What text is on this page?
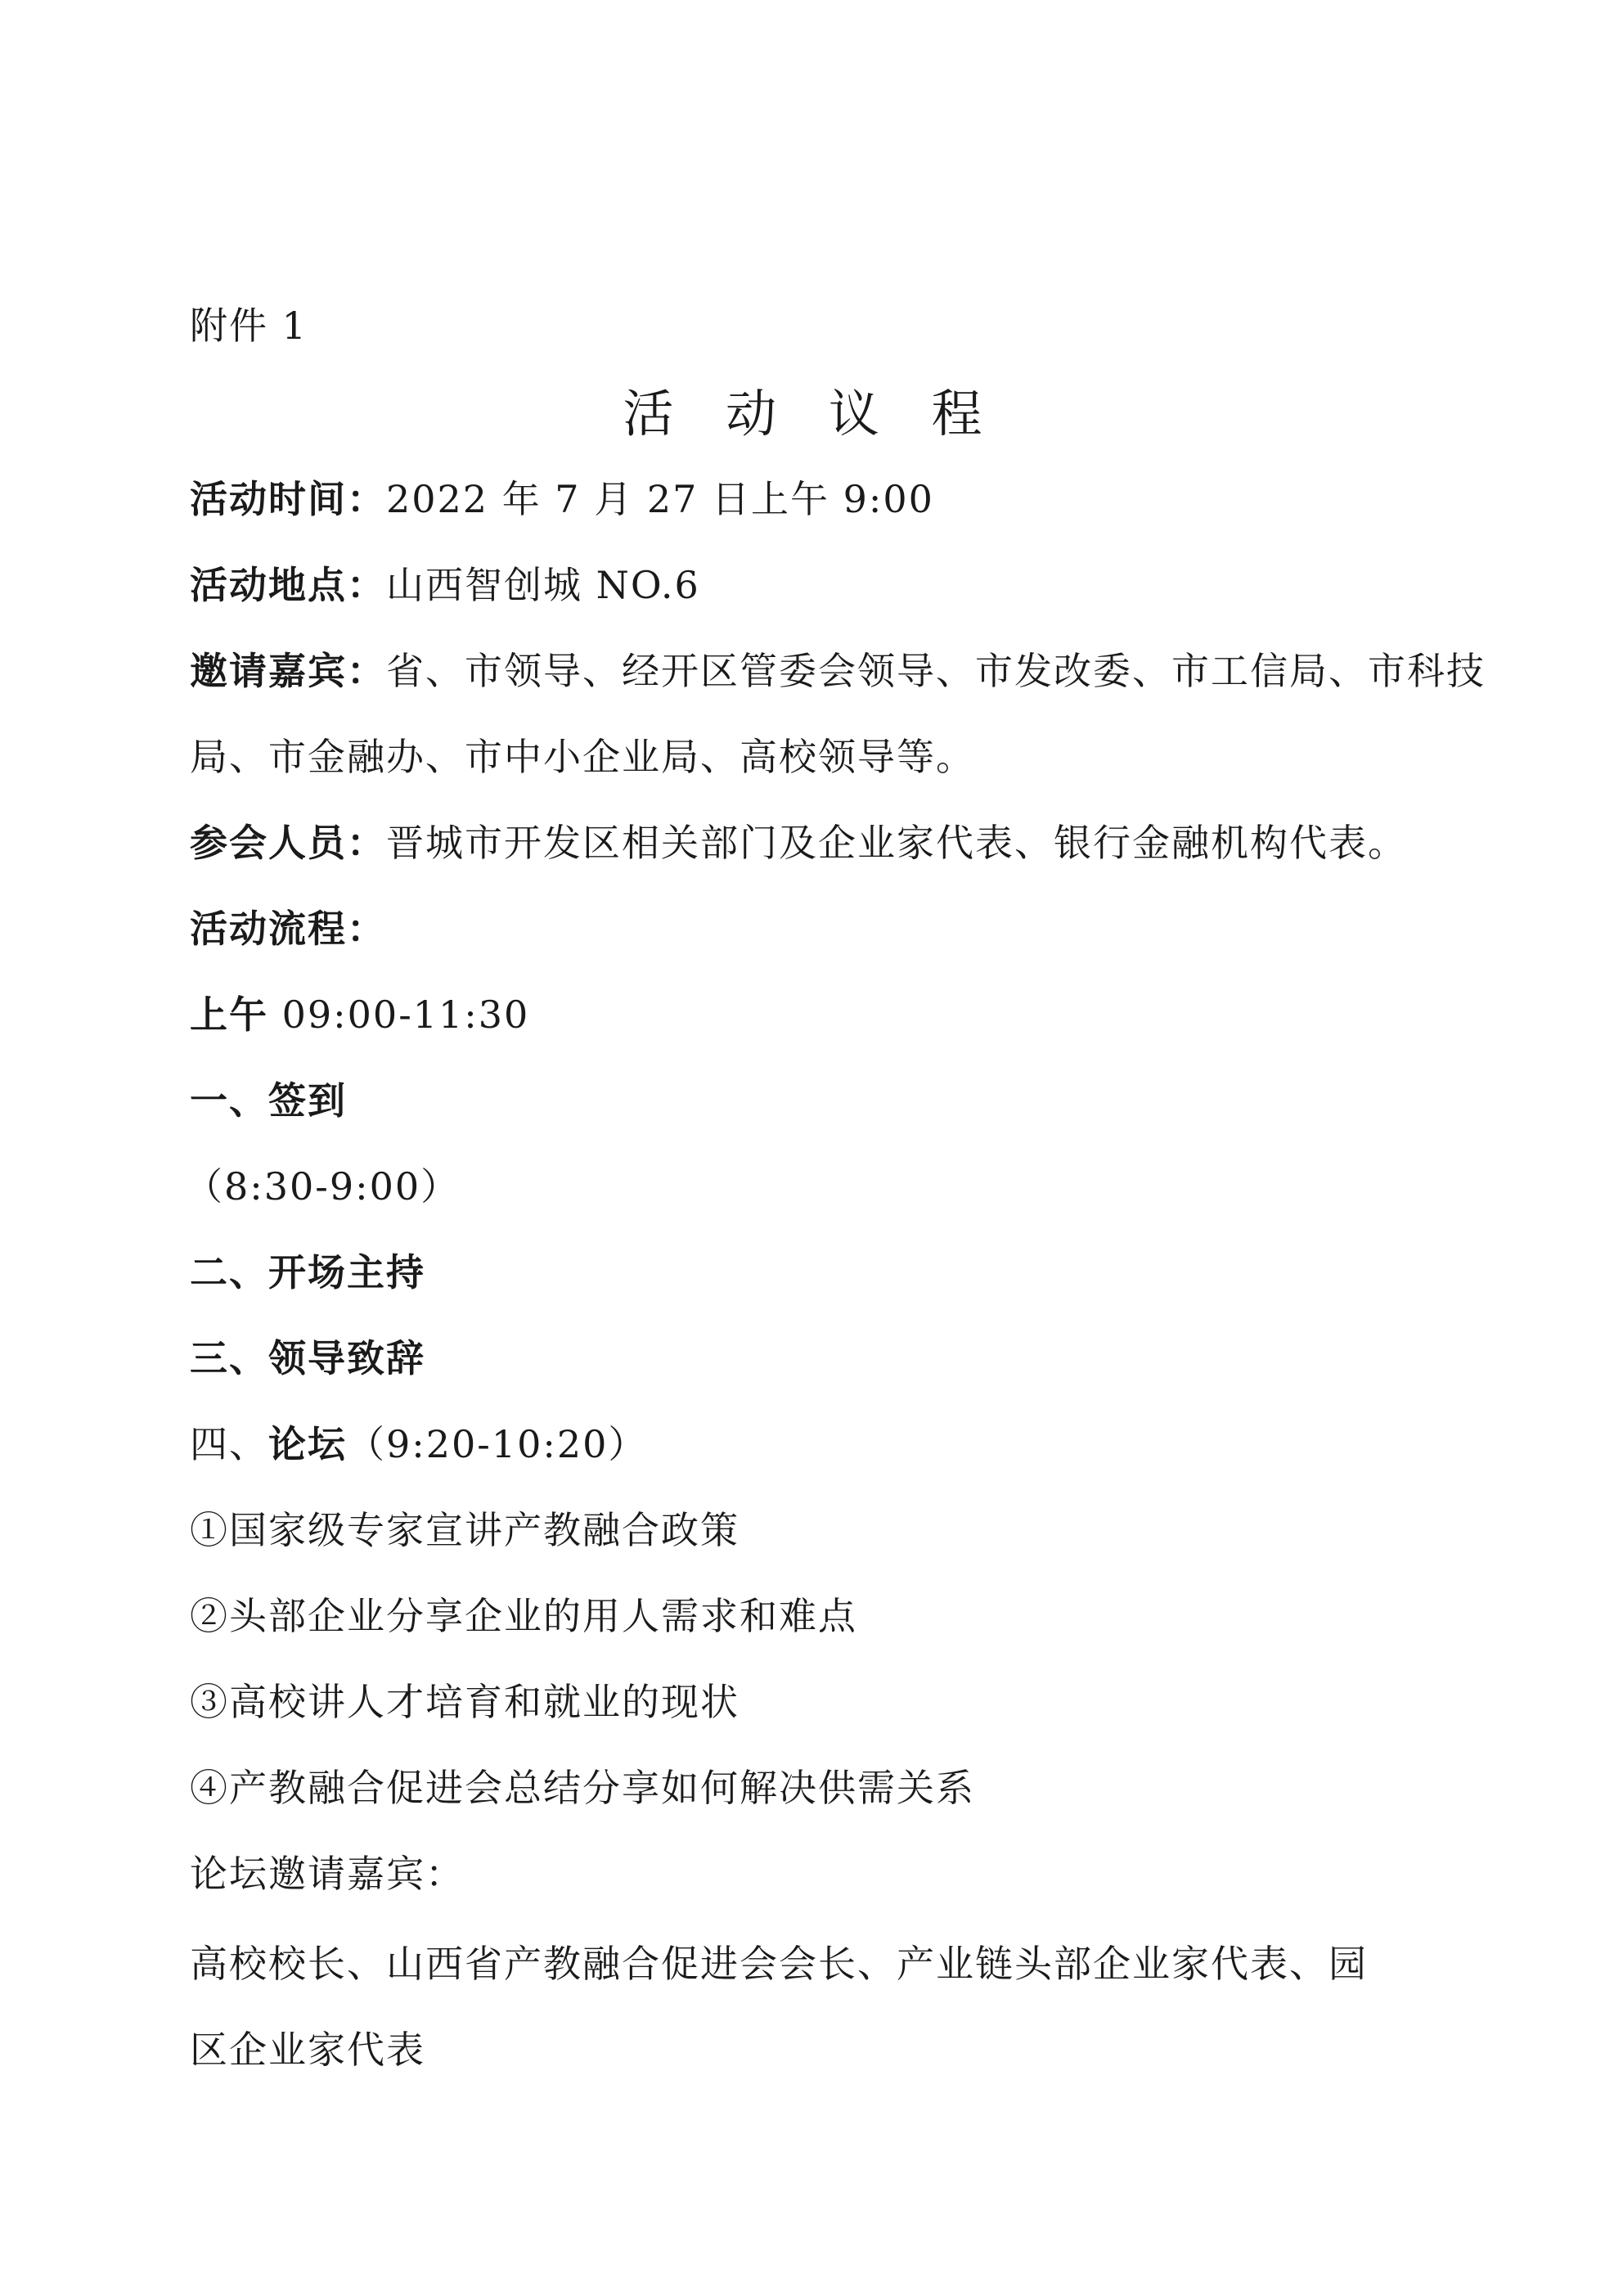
附件 1
活 动 议 程
活动时间：2022 年 7 月 27 日上午 9:00
活动地点：山西智创城 NO.6
邀请嘉宾：省、市领导、经开区管委会领导、市发改委、市工信局、市科技
局、市金融办、市中小企业局、高校领导等。
参会人员：晋城市开发区相关部门及企业家代表、银行金融机构代表。
活动流程：
上午 09:00-11:30
一、签到
（8:30-9:00）
二、开场主持
三、领导致辞
四、论坛（9:20-10:20）
①国家级专家宣讲产教融合政策
②头部企业分享企业的用人需求和难点
③高校讲人才培育和就业的现状
④产教融合促进会总结分享如何解决供需关系
论坛邀请嘉宾：
高校校长、山西省产教融合促进会会长、产业链头部企业家代表、园
区企业家代表
